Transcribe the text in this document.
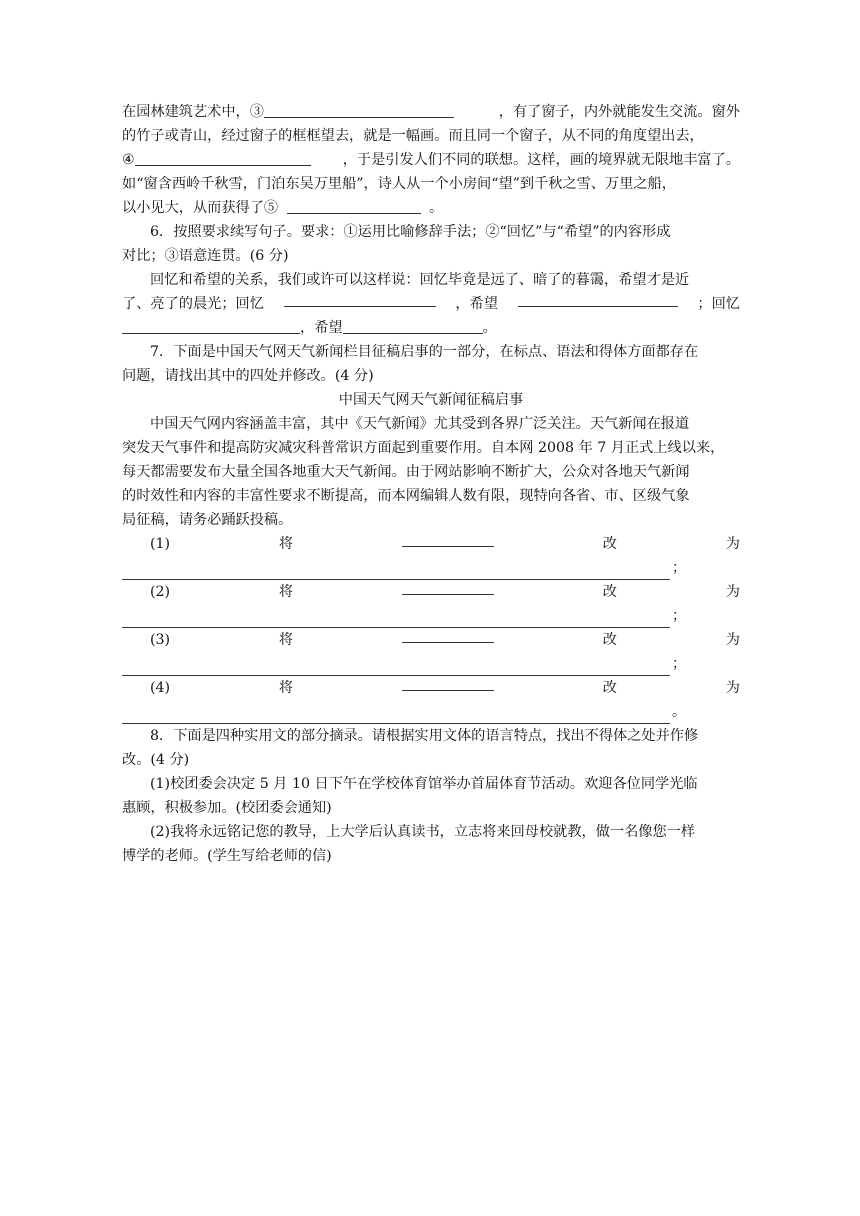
在园林建筑艺术中，③	，有了窗子，内外就能发生交流。窗外
的竹子或青山，经过窗子的框框望去，就是一幅画。而且同一个窗子，从不同的角度望出去，
④	，于是引发人们不同的联想。这样，画的境界就无限地丰富了。
如“窗含西岭千秋雪，门泊东吴万里船”，诗人从一个小房间“望”到千秋之雪、万里之船，
以小见大，从而获得了⑤	。
6．按照要求续写句子。要求：①运用比喻修辞手法；②“回忆”与“希望”的内容形成
对比；③语意连贯。(6 分)
回忆和希望的关系，我们或许可以这样说：回忆毕竟是远了、暗了的暮霭，希望才是近
了、亮了的晨光；回忆	，希望	；回忆
，希望	。
7．下面是中国天气网天气新闻栏目征稿启事的一部分，在标点、语法和得体方面都存在
问题，请找出其中的四处并修改。(4 分)
中国天气网天气新闻征稿启事
中国天气网内容涵盖丰富，其中《天气新闻》尤其受到各界广泛关注。天气新闻在报道
突发天气事件和提高防灾减灾科普常识方面起到重要作用。自本网 2008 年 7 月正式上线以来，
每天都需要发布大量全国各地重大天气新闻。由于网站影响不断扩大，公众对各地天气新闻
的时效性和内容的丰富性要求不断提高，而本网编辑人数有限，现特向各省、市、区级气象
局征稿，请务必踊跃投稿。
(1)	将	改	为
；
(2)	将	改	为
；
(3)	将	改	为
；
(4)	将	改	为
。
8．下面是四种实用文的部分摘录。请根据实用文体的语言特点，找出不得体之处并作修
改。(4 分)
(1)校团委会决定 5 月 10 日下午在学校体育馆举办首届体育节活动。欢迎各位同学光临
惠顾，积极参加。(校团委会通知)
(2)我将永远铭记您的教导，上大学后认真读书，立志将来回母校就教，做一名像您一样
博学的老师。(学生写给老师的信)
